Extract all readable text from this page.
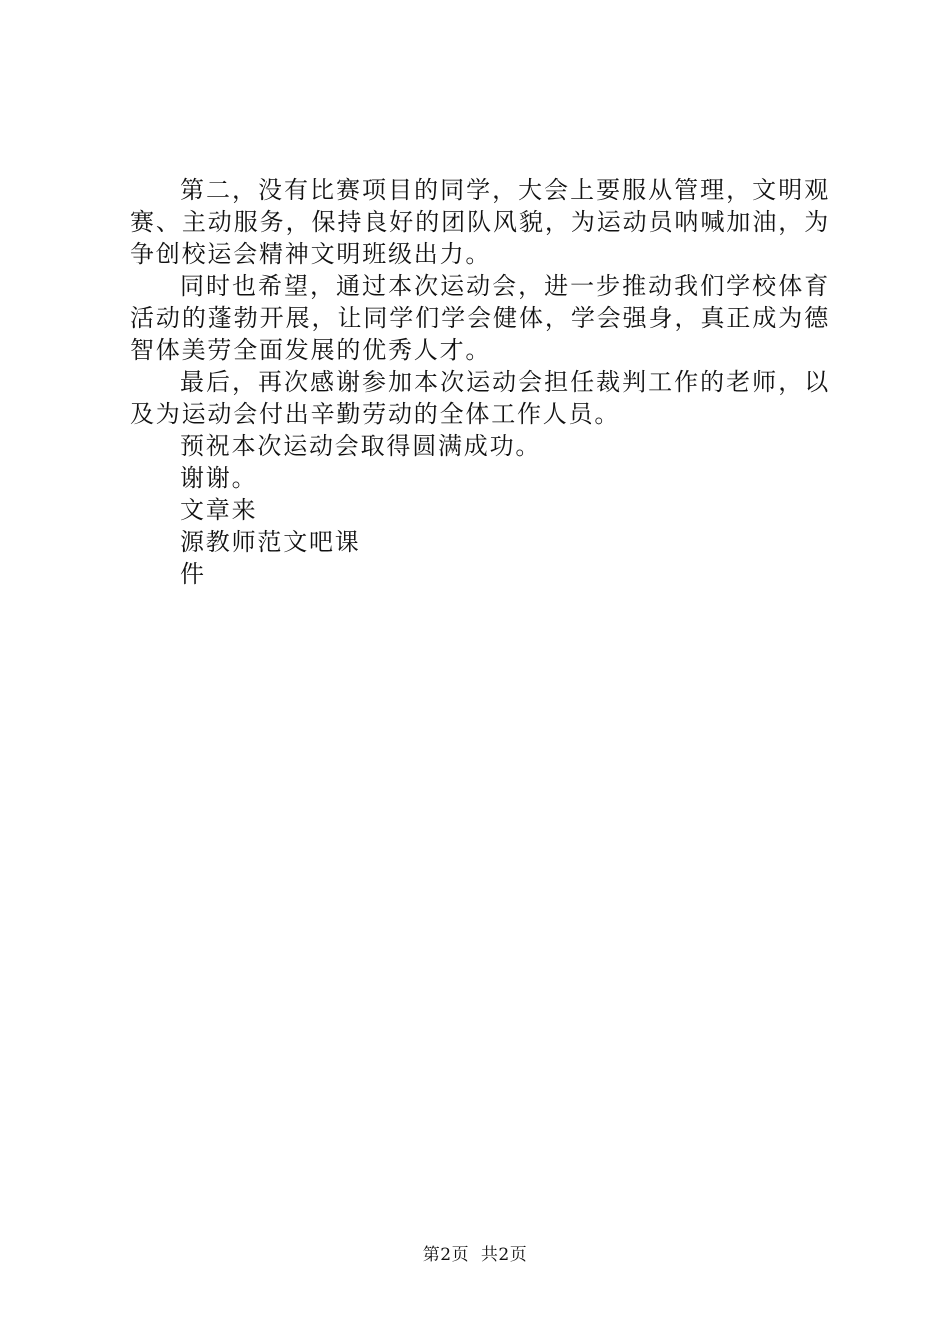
第二，没有比赛项目的同学，大会上要服从管理，文明观赛、主动服务，保持良好的团队风貌，为运动员呐喊加油，为争创校运会精神文明班级出力。

同时也希望，通过本次运动会，进一步推动我们学校体育活动的蓬勃开展，让同学们学会健体，学会强身，真正成为德智体美劳全面发展的优秀人才。

最后，再次感谢参加本次运动会担任裁判工作的老师，以及为运动会付出辛勤劳动的全体工作人员。

预祝本次运动会取得圆满成功。

谢谢。

文章来

源教师范文吧课

件

第2页 共2页
